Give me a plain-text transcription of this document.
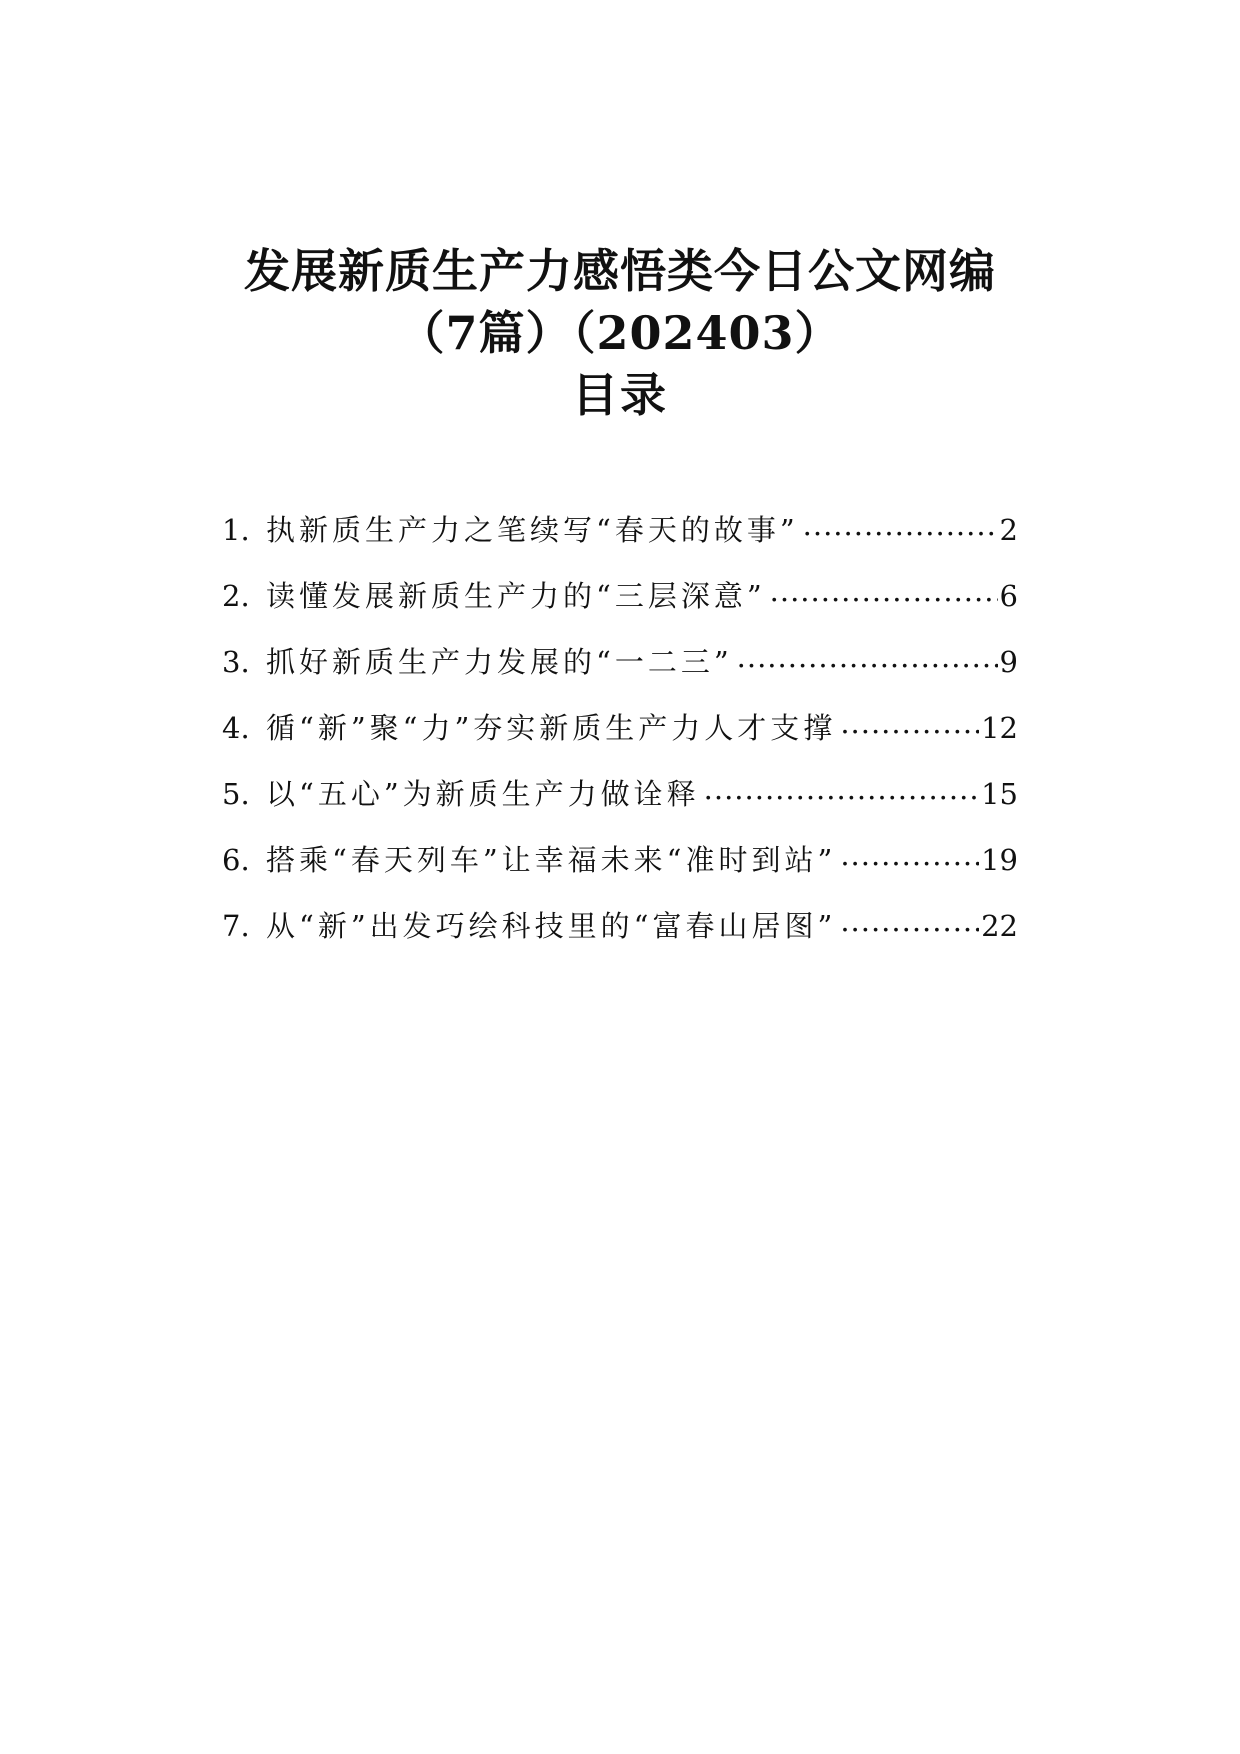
发展新质生产力感悟类今日公文网编
（7篇）（202403）
目录
1. 执新质生产力之笔续写“春天的故事” .....	2
2. 读懂发展新质生产力的“三层深意” .....	6
3. 抓好新质生产力发展的“一二三” .....	9
4. 循“新”聚“力”夯实新质生产力人才支撑 .....	12
5. 以“五心”为新质生产力做诠释 .....	15
6. 搭乘“春天列车”让幸福未来“准时到站” .....	19
7. 从“新”出发巧绘科技里的“富春山居图” .....	22
